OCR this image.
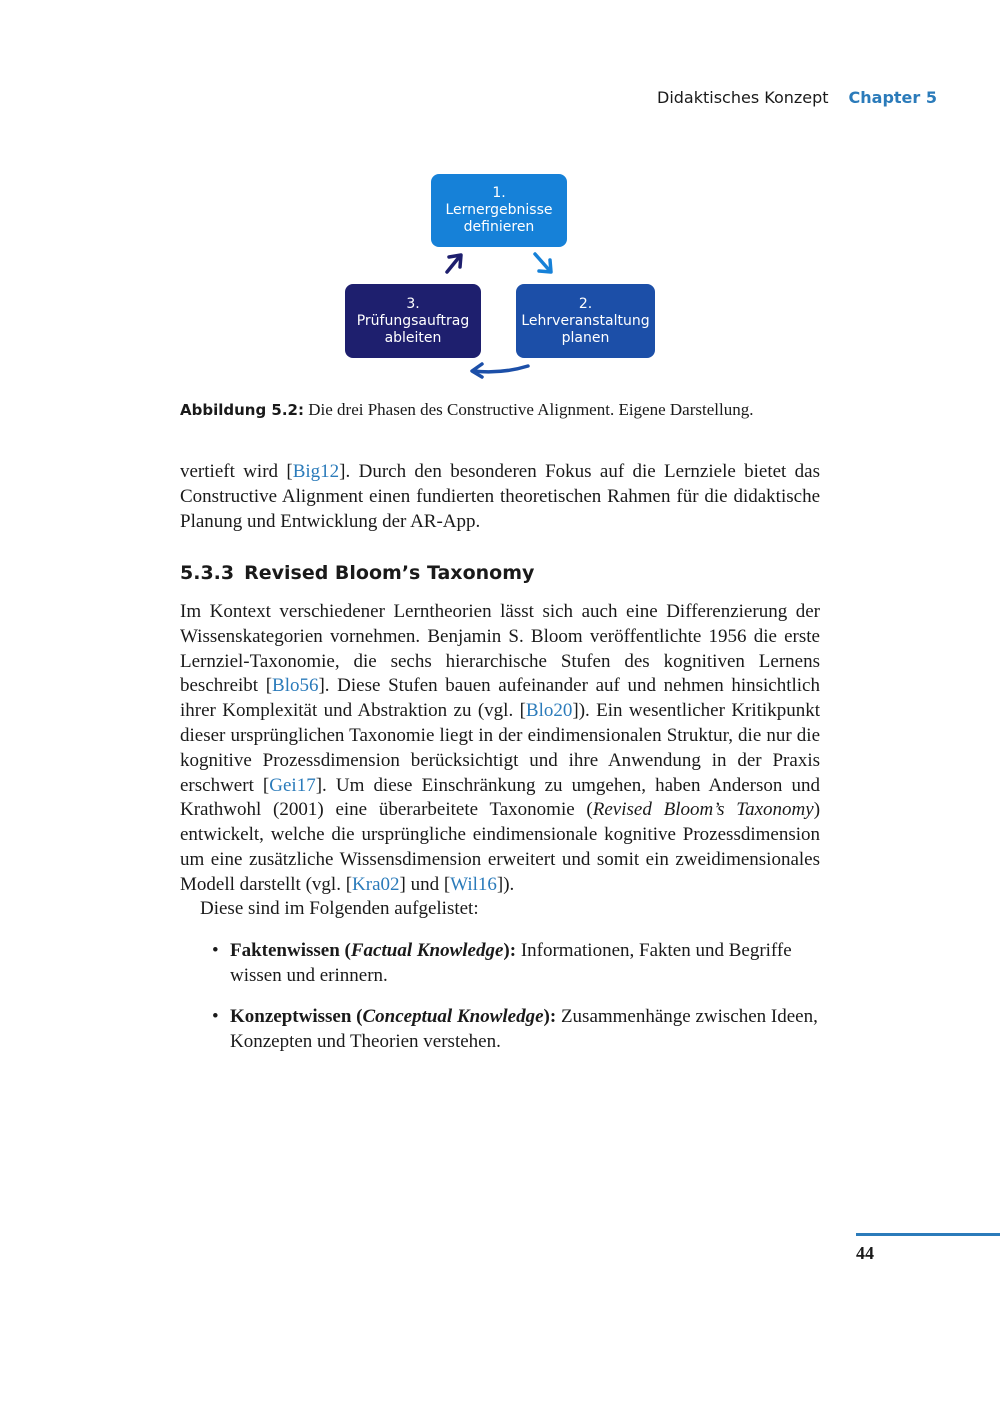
Didaktisches Konzept Chapter 5
1.
Lernergebnisse
definieren
2.
Lehrveranstaltung
planen
3.
Prüfungsauftrag
ableiten
Abbildung 5.2: Die drei Phasen des Constructive Alignment. Eigene Darstellung.

vertieft wird [Big12]. Durch den besonderen Fokus auf die Lernziele bietet das Constructive Alignment einen fundierten theoretischen Rahmen für die didaktische Planung und Entwicklung der AR-App.

5.3.3 Revised Bloom’s Taxonomy

Im Kontext verschiedener Lerntheorien lässt sich auch eine Differenzierung der Wissenskategorien vornehmen. Benjamin S. Bloom veröffentlichte 1956 die erste Lernziel-Taxonomie, die sechs hierarchische Stufen des kognitiven Lernens beschreibt [Blo56]. Diese Stufen bauen aufeinander auf und nehmen hinsichtlich ihrer Komplexität und Abstraktion zu (vgl. [Blo20]). Ein wesentlicher Kritikpunkt dieser ursprünglichen Taxonomie liegt in der eindimensionalen Struktur, die nur die kognitive Prozessdimension berücksichtigt und ihre Anwendung in der Praxis erschwert [Gei17]. Um diese Einschränkung zu umgehen, haben Anderson und Krathwohl (2001) eine überarbeitete Taxonomie (Revised Bloom’s Taxonomy) entwickelt, welche die ursprüngliche eindimensionale kognitive Prozessdimension um eine zusätzliche Wissensdimension erweitert und somit ein zweidimensionales Modell darstellt (vgl. [Kra02] und [Wil16]).

Diese sind im Folgenden aufgelistet:
• Faktenwissen (Factual Knowledge): Informationen, Fakten und Begriffe wissen und erinnern.
• Konzeptwissen (Conceptual Knowledge): Zusammenhänge zwischen Ideen, Konzepten und Theorien verstehen.
44
